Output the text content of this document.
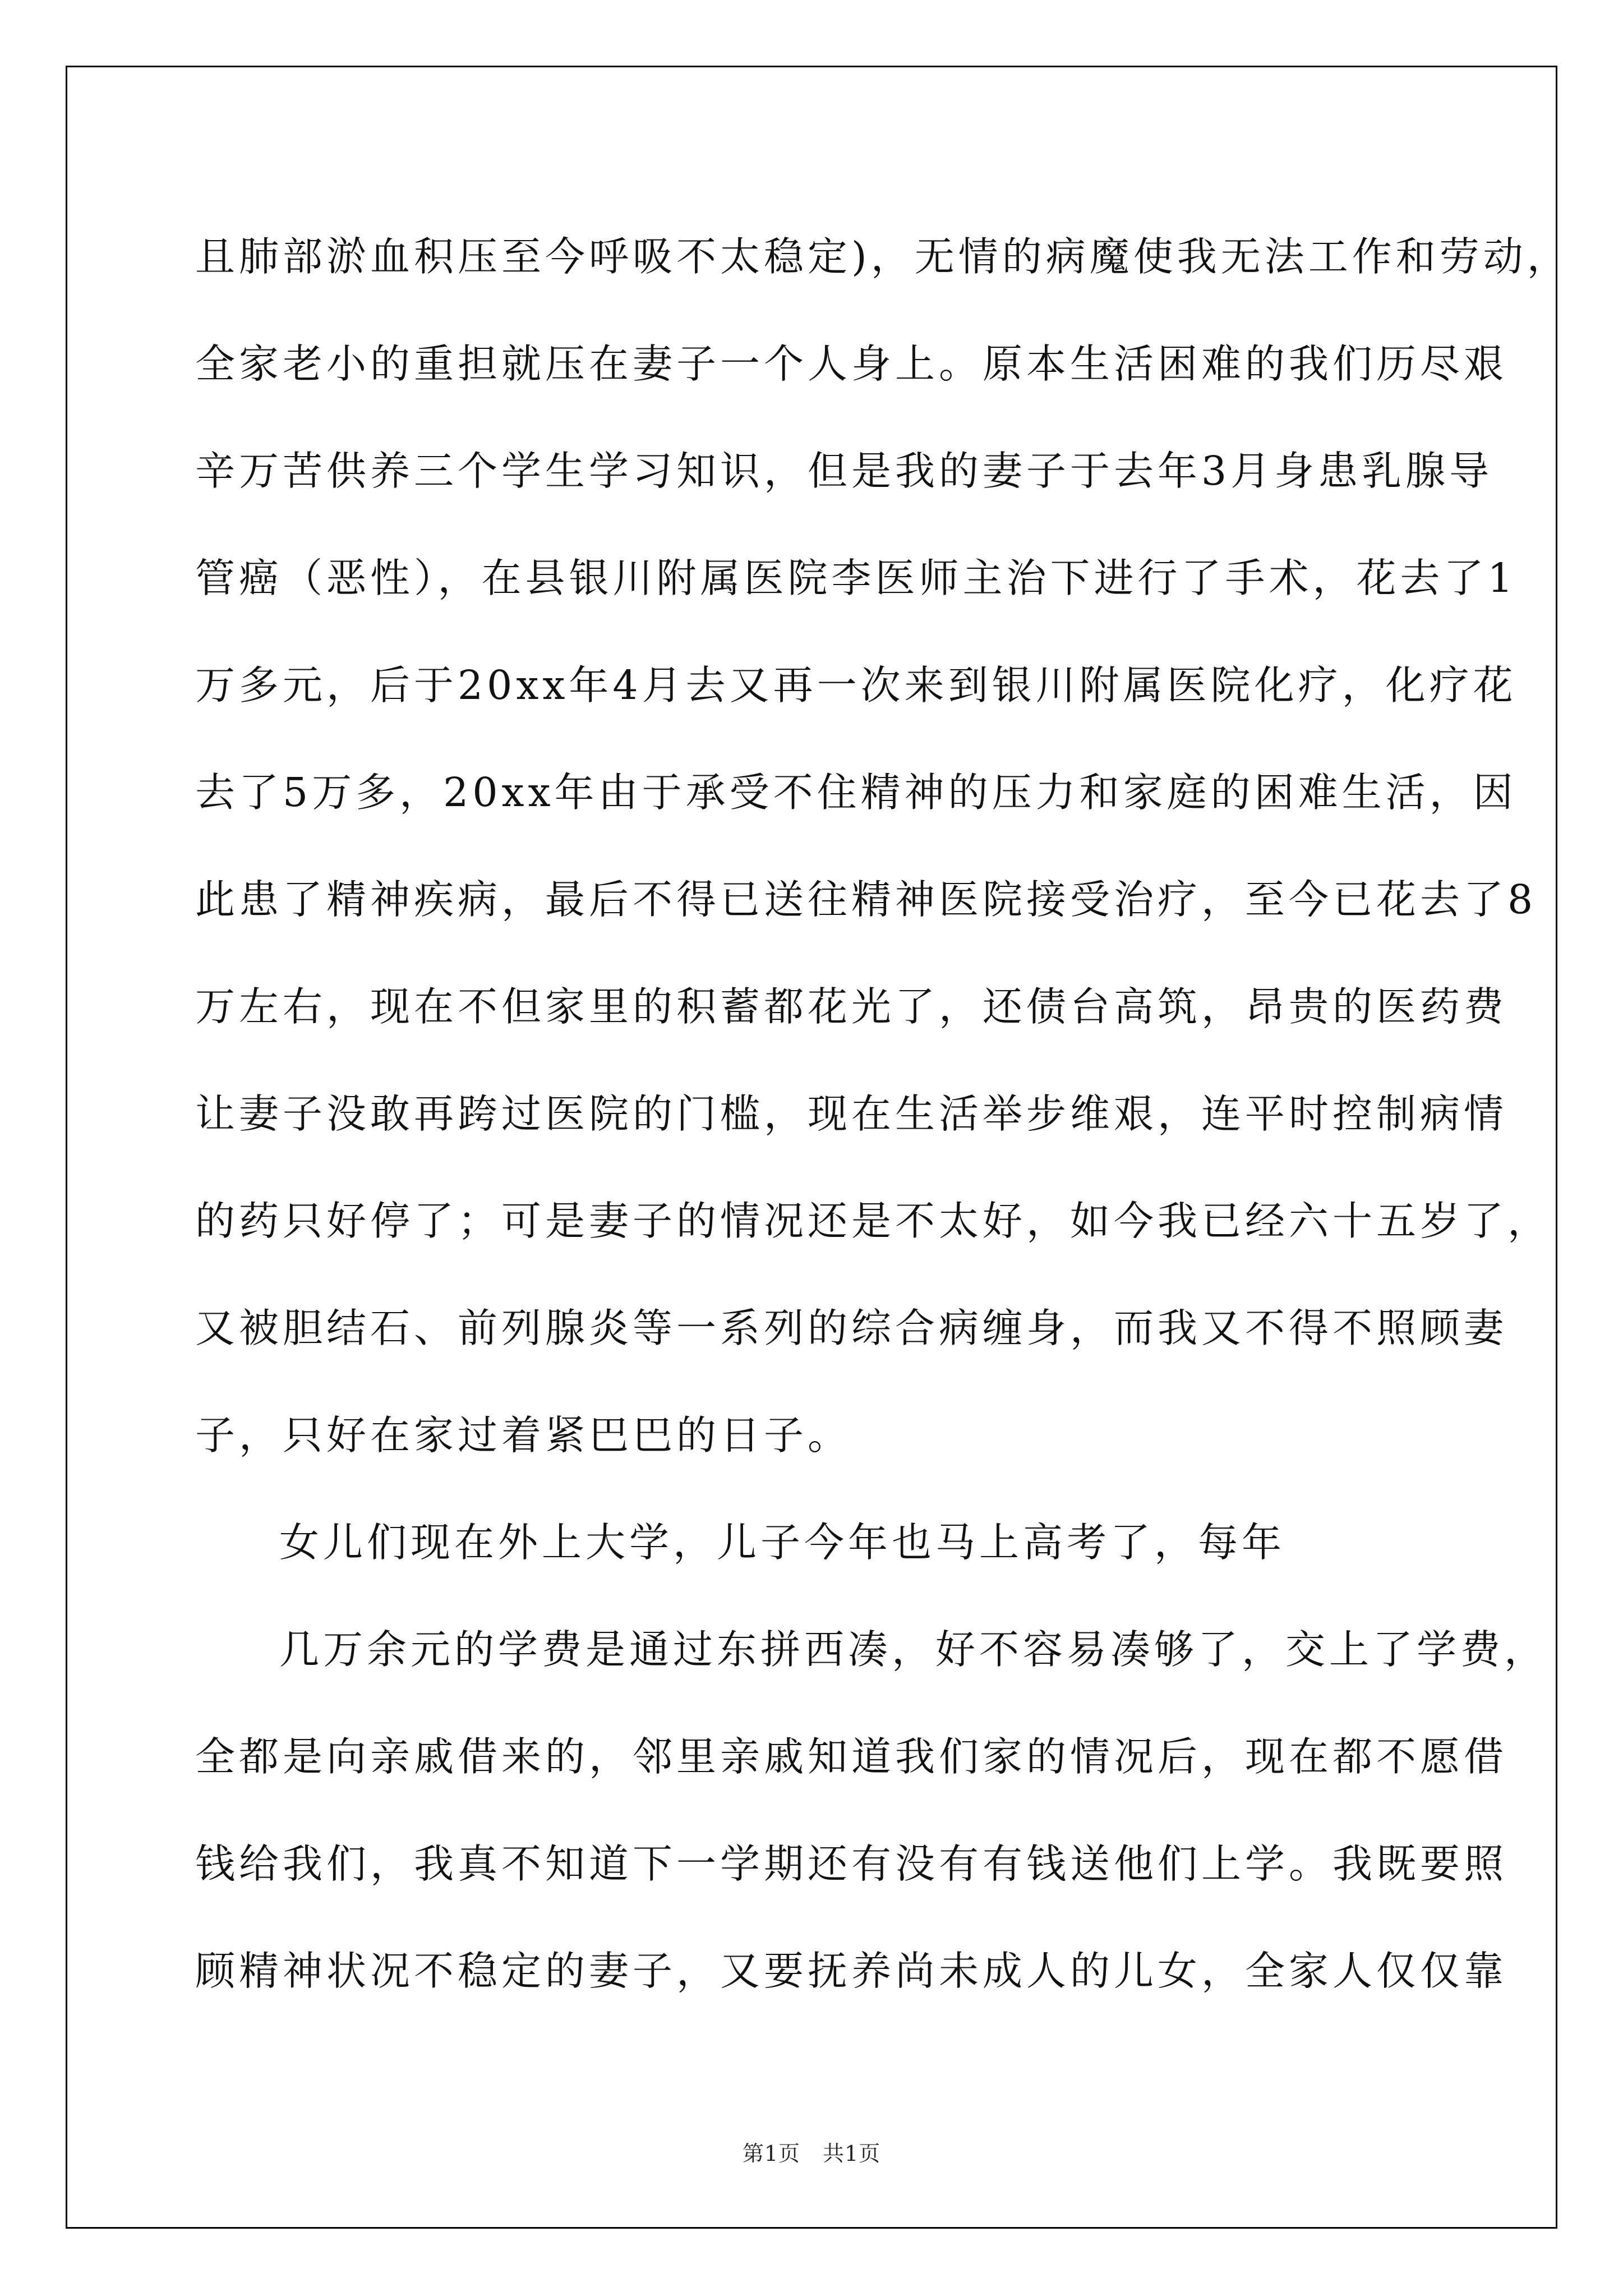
且肺部淤血积压至今呼吸不太稳定)，无情的病魔使我无法工作和劳动，
全家老小的重担就压在妻子一个人身上。原本生活困难的我们历尽艰
辛万苦供养三个学生学习知识，但是我的妻子于去年3月身患乳腺导
管癌（恶性），在县银川附属医院李医师主治下进行了手术，花去了1
万多元，后于20xx年4月去又再一次来到银川附属医院化疗，化疗花
去了5万多，20xx年由于承受不住精神的压力和家庭的困难生活，因
此患了精神疾病，最后不得已送往精神医院接受治疗，至今已花去了8
万左右，现在不但家里的积蓄都花光了，还债台高筑，昂贵的医药费
让妻子没敢再跨过医院的门槛，现在生活举步维艰，连平时控制病情
的药只好停了；可是妻子的情况还是不太好，如今我已经六十五岁了，
又被胆结石、前列腺炎等一系列的综合病缠身，而我又不得不照顾妻
子，只好在家过着紧巴巴的日子。
女儿们现在外上大学，儿子今年也马上高考了，每年
几万余元的学费是通过东拼西凑，好不容易凑够了，交上了学费，
全都是向亲戚借来的，邻里亲戚知道我们家的情况后，现在都不愿借
钱给我们，我真不知道下一学期还有没有有钱送他们上学。我既要照
顾精神状况不稳定的妻子，又要抚养尚未成人的儿女，全家人仅仅靠
第1页 共1页
